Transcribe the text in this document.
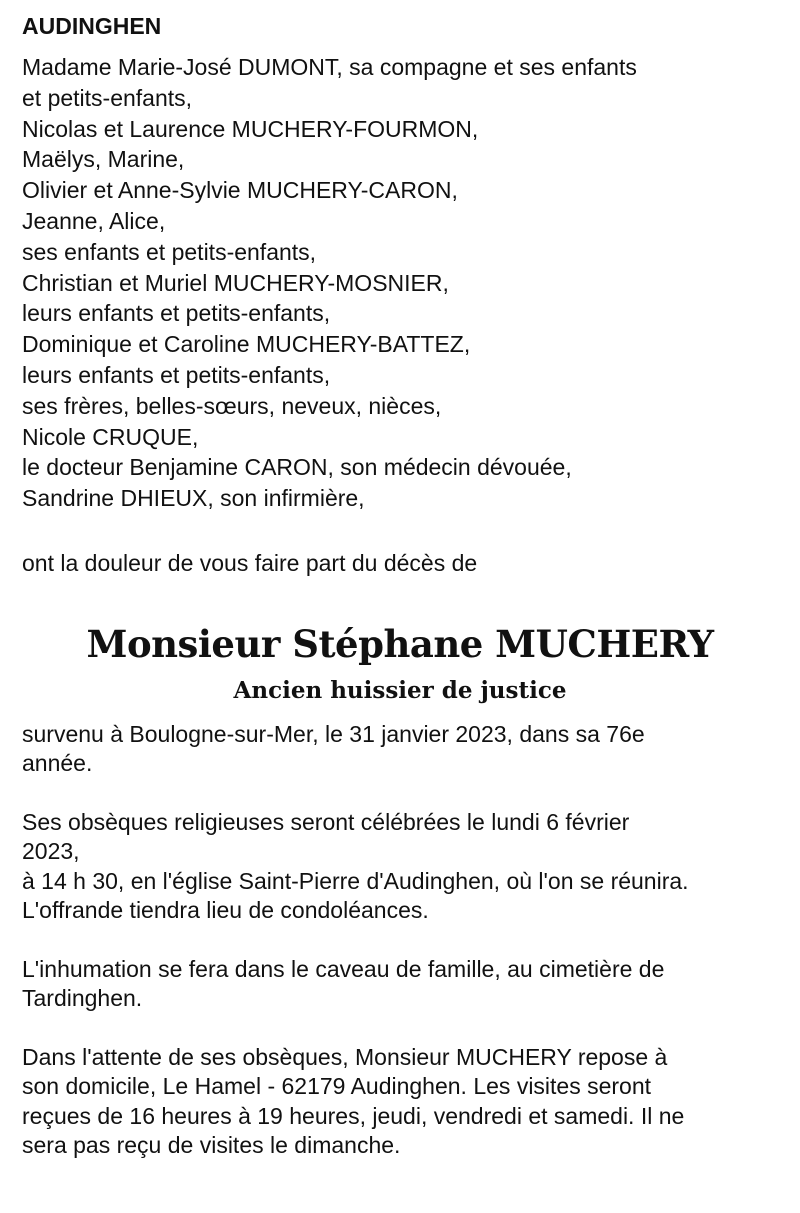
AUDINGHEN
Madame Marie-José DUMONT, sa compagne et ses enfants
et petits-enfants,
Nicolas et Laurence MUCHERY-FOURMON,
Maëlys, Marine,
Olivier et Anne-Sylvie MUCHERY-CARON,
Jeanne, Alice,
ses enfants et petits-enfants,
Christian et Muriel MUCHERY-MOSNIER,
leurs enfants et petits-enfants,
Dominique et Caroline MUCHERY-BATTEZ,
leurs enfants et petits-enfants,
ses frères, belles-sœurs, neveux, nièces,
Nicole CRUQUE,
le docteur Benjamine CARON, son médecin dévouée,
Sandrine DHIEUX, son infirmière,
ont la douleur de vous faire part du décès de
Monsieur Stéphane MUCHERY
Ancien huissier de justice
survenu à Boulogne-sur-Mer, le 31 janvier 2023, dans sa 76e
année.
Ses obsèques religieuses seront célébrées le lundi 6 février
2023,
à 14 h 30, en l'église Saint-Pierre d'Audinghen, où l'on se réunira.
L'offrande tiendra lieu de condoléances.
L'inhumation se fera dans le caveau de famille, au cimetière de
Tardinghen.
Dans l'attente de ses obsèques, Monsieur MUCHERY repose à
son domicile, Le Hamel - 62179 Audinghen. Les visites seront
reçues de 16 heures à 19 heures, jeudi, vendredi et samedi. Il ne
sera pas reçu de visites le dimanche.
